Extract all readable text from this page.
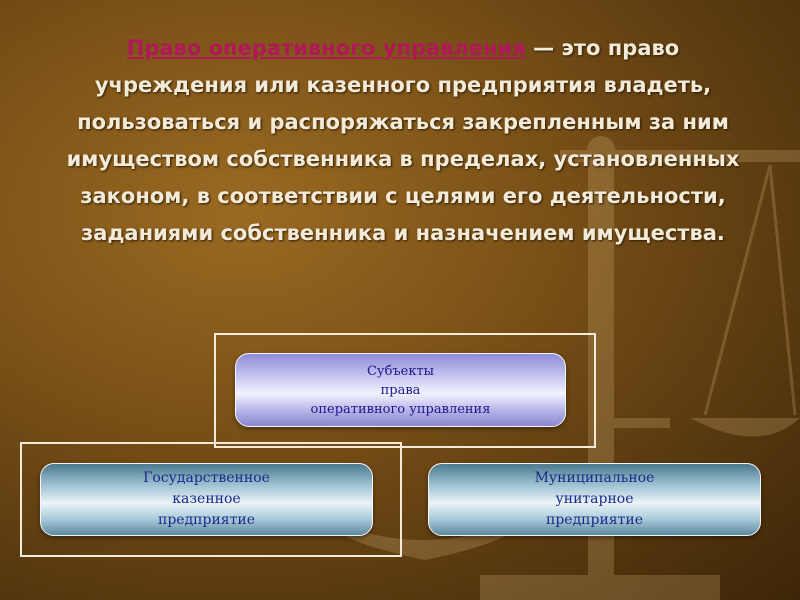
Право оперативного управления — это право учреждения или казенного предприятия владеть, пользоваться и распоряжаться закрепленным за ним имуществом собственника в пределах, установленных законом, в соответствии с целями его деятельности, заданиями собственника и назначением имущества.
Субъекты
права
оперативного управления
Государственное
казенное
предприятие
Муниципальное
унитарное
предприятие
